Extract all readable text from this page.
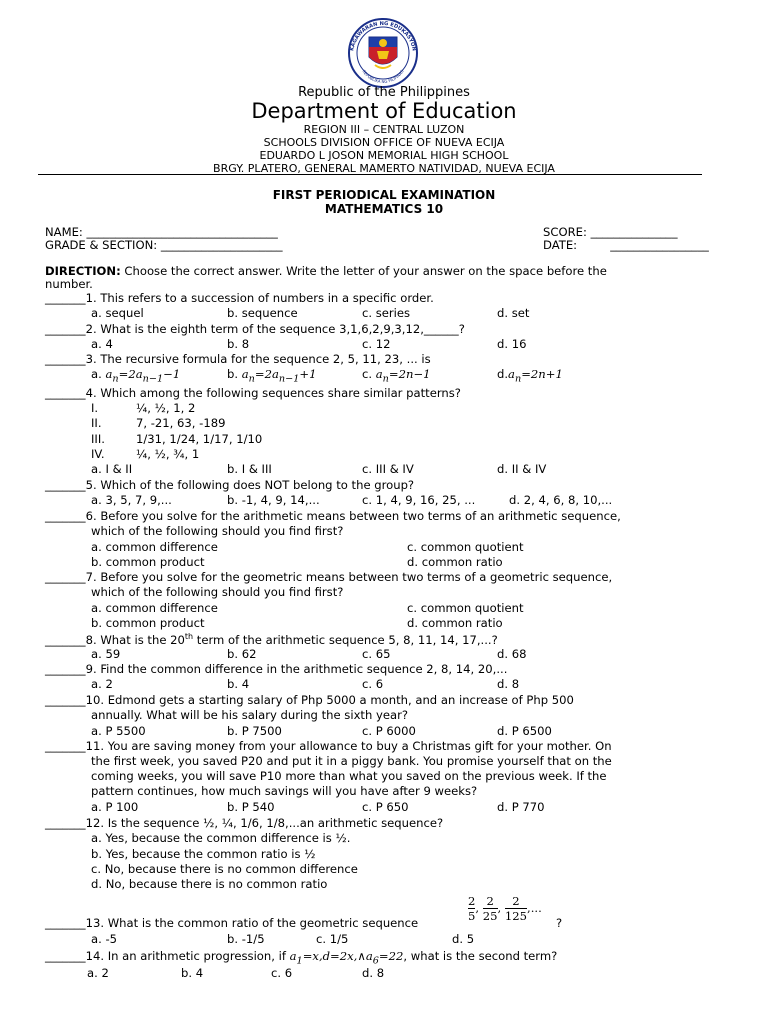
KAGAWARAN NG EDUKASYON
REPUBLIKA NG PILIPINAS
Republic of the Philippines
Department of Education
REGION III – CENTRAL LUZON
SCHOOLS DIVISION OFFICE OF NUEVA ECIJA
EDUARDO L JOSON MEMORIAL HIGH SCHOOL
BRGY. PLATERO, GENERAL MAMERTO NATIVIDAD, NUEVA ECIJA
FIRST PERIODICAL EXAMINATION
MATHEMATICS 10
NAME: _________________________________	SCORE: _______________
GRADE & SECTION: _____________________	DATE:	_________________
DIRECTION: Choose the correct answer. Write the letter of your answer on the space before the
number.
_______1. This refers to a succession of numbers in a specific order.
a. sequel	b. sequence	c. series	d. set
_______2. What is the eighth term of the sequence 3,1,6,2,9,3,12,______?
a. 4	b. 8	c. 12	d. 16
_______3. The recursive formula for the sequence 2, 5, 11, 23, ... is
a. $a_n=2a_{n-1}-1$	b. $a_n=2a_{n-1}+1$	c. $a_n=2n-1$	$d.a_n=2n+1$
_______4. Which among the following sequences share similar patterns?
I.	¼, ½, 1, 2
II.	7, -21, 63, -189
III.	1/31, 1/24, 1/17, 1/10
IV.	¼, ½, ¾, 1
a. I & II	b. I & III	c. III & IV	d. II & IV
_______5. Which of the following does NOT belong to the group?
a. 3, 5, 7, 9,...	b. -1, 4, 9, 14,...	c. 1, 4, 9, 16, 25, ...	d. 2, 4, 6, 8, 10,...
_______6. Before you solve for the arithmetic means between two terms of an arithmetic sequence,
which of the following should you find first?
a. common difference	c. common quotient
b. common product	d. common ratio
_______7. Before you solve for the geometric means between two terms of a geometric sequence,
which of the following should you find first?
a. common difference	c. common quotient
b. common product	d. common ratio
_______8. What is the 20th term of the arithmetic sequence 5, 8, 11, 14, 17,...?
a. 59	b. 62	c. 65	d. 68
_______9. Find the common difference in the arithmetic sequence 2, 8, 14, 20,...
a. 2	b. 4	c. 6	d. 8
_______10. Edmond gets a starting salary of Php 5000 a month, and an increase of Php 500
annually. What will be his salary during the sixth year?
a. P 5500	b. P 7500	c. P 6000	d. P 6500
_______11. You are saving money from your allowance to buy a Christmas gift for your mother. On
the first week, you saved P20 and put it in a piggy bank. You promise yourself that on the
coming weeks, you will save P10 more than what you saved on the previous week. If the
pattern continues, how much savings will you have after 9 weeks?
a. P 100	b. P 540	c. P 650	d. P 770
_______12. Is the sequence ½, ¼, 1/6, 1/8,...an arithmetic sequence?
a. Yes, because the common difference is ½.
b. Yes, because the common ratio is ½
c. No, because there is no common difference
d. No, because there is no common ratio
_______13. What is the common ratio of the geometric sequence	$\frac{2}{5}$ , $\frac{2}{25}$ , $\frac{2}{125}$ ,...
?
a. -5	b. -1/5	c. 1/5	d. 5
_______14. In an arithmetic progression, if $a_1=x,d=2x,\wedge a_6=22$, what is the second term?
a. 2	b. 4	c. 6	d. 8
